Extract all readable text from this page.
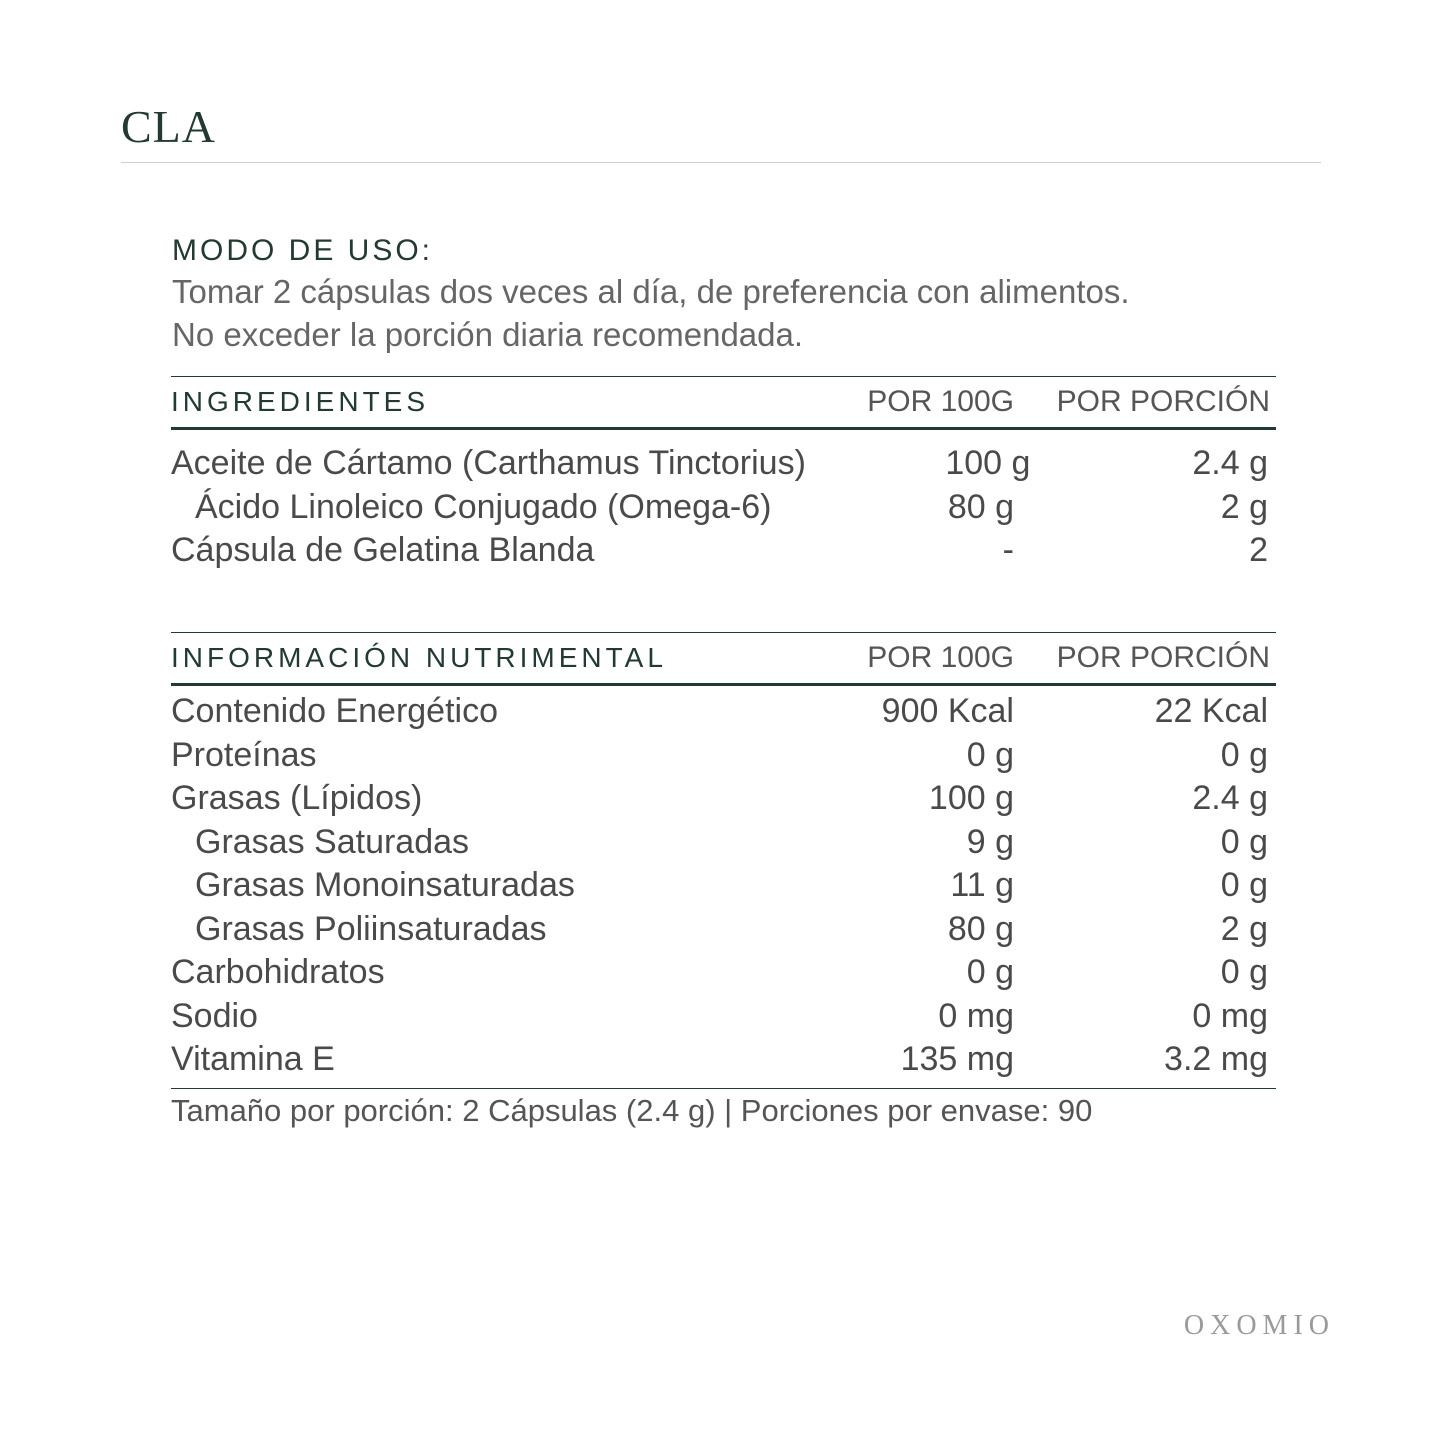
CLA
MODO DE USO:
Tomar 2 cápsulas dos veces al día, de preferencia con alimentos.
No exceder la porción diaria recomendada.
INGREDIENTES	POR 100G	POR PORCIÓN
Aceite de Cártamo (Carthamus Tinctorius)	100 g	2.4 g
Ácido Linoleico Conjugado (Omega-6)	80 g	2 g
Cápsula de Gelatina Blanda	-	2
INFORMACIÓN NUTRIMENTAL	POR 100G	POR PORCIÓN
Contenido Energético	900 Kcal	22 Kcal
Proteínas	0 g	0 g
Grasas (Lípidos)	100 g	2.4 g
Grasas Saturadas	9 g	0 g
Grasas Monoinsaturadas	11 g	0 g
Grasas Poliinsaturadas	80 g	2 g
Carbohidratos	0 g	0 g
Sodio	0 mg	0 mg
Vitamina E	135 mg	3.2 mg
Tamaño por porción: 2 Cápsulas (2.4 g) | Porciones por envase: 90
OXOMIO
